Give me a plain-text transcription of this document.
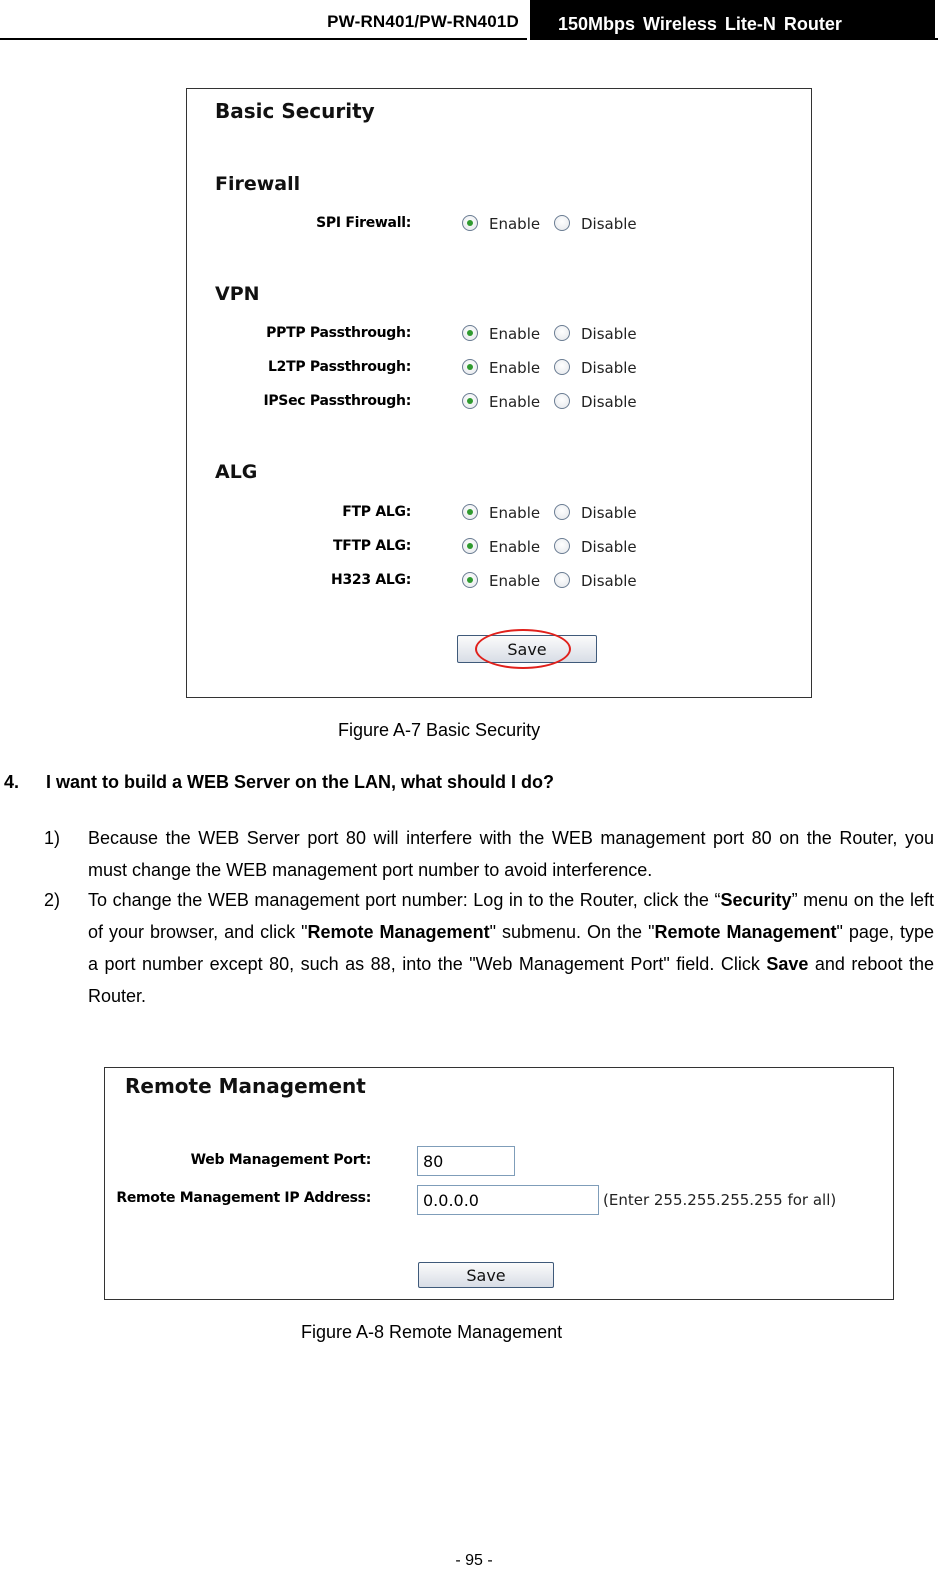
PW-RN401/PW-RN401D 150Mbps Wireless Lite-N Router
Basic Security
Firewall
SPI Firewall:	Enable	Disable
VPN
PPTP Passthrough:	Enable	Disable
L2TP Passthrough:	Enable	Disable
IPSec Passthrough:	Enable	Disable
ALG
FTP ALG:	Enable	Disable
TFTP ALG:	Enable	Disable
H323 ALG:	Enable	Disable
Save
Figure A-7 Basic Security
4. I want to build a WEB Server on the LAN, what should I do?
1) Because the WEB Server port 80 will interfere with the WEB management port 80 on the Router, you must change the WEB management port number to avoid interference.
2) To change the WEB management port number: Log in to the Router, click the “Security” menu on the left of your browser, and click "Remote Management" submenu. On the "Remote Management" page, type a port number except 80, such as 88, into the "Web Management Port" field. Click Save and reboot the Router.
Remote Management
Web Management Port:
80
Remote Management IP Address:
0.0.0.0	(Enter 255.255.255.255 for all)
Save
Figure A-8 Remote Management
- 95 -
